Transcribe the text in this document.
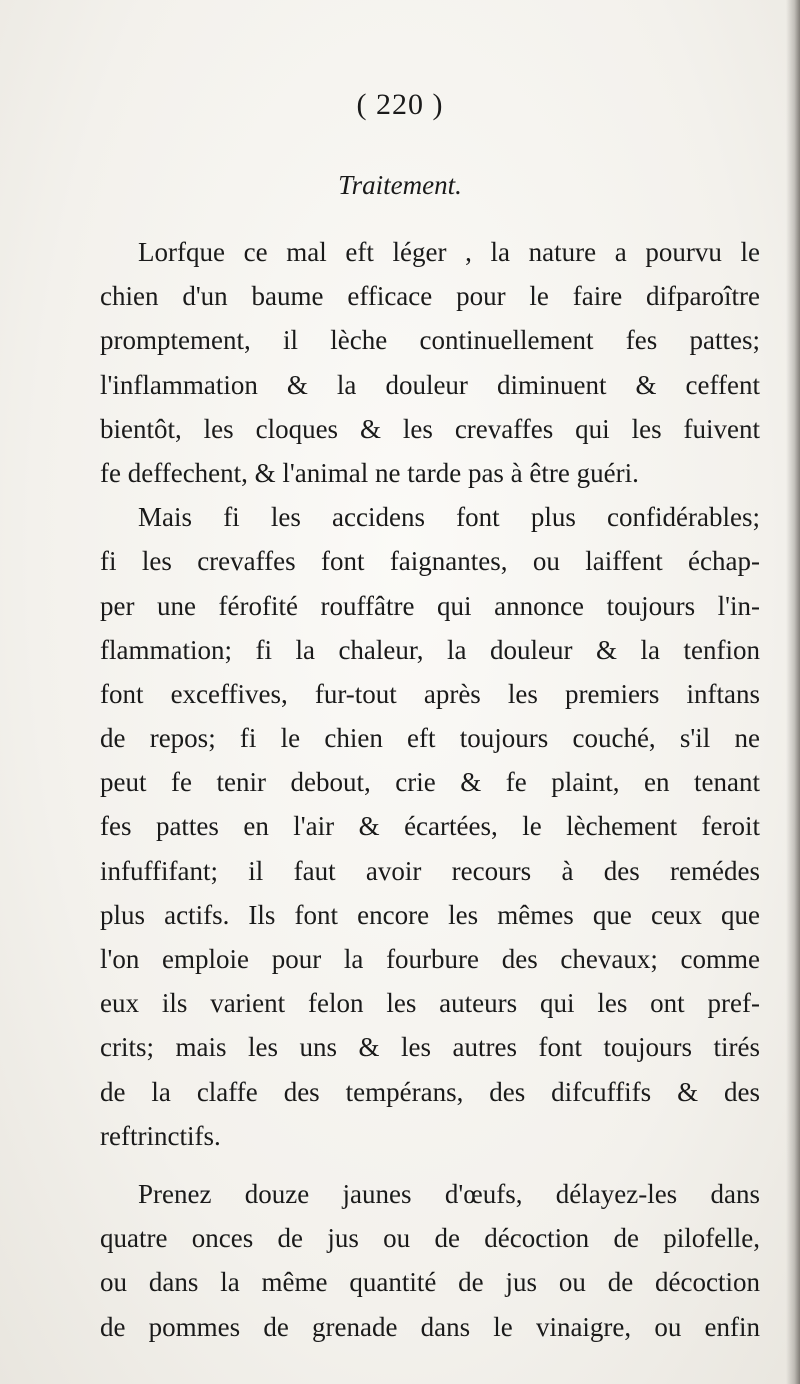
( 220 )
Traitement.
Lorfque ce mal eft léger , la nature a pourvu le
chien d'un baume efficace pour le faire difparoître
promptement, il lèche continuellement fes pattes;
l'inflammation & la douleur diminuent & ceffent
bientôt, les cloques & les crevaffes qui les fuivent
fe deffechent, & l'animal ne tarde pas à être guéri.
Mais fi les accidens font plus confidérables;
fi les crevaffes font faignantes, ou laiffent échap-
per une férofité rouffâtre qui annonce toujours l'in-
flammation; fi la chaleur, la douleur & la tenfion
font exceffives, fur-tout après les premiers inftans
de repos; fi le chien eft toujours couché, s'il ne
peut fe tenir debout, crie & fe plaint, en tenant
fes pattes en l'air & écartées, le lèchement feroit
infuffifant; il faut avoir recours à des remédes
plus actifs. Ils font encore les mêmes que ceux que
l'on emploie pour la fourbure des chevaux; comme
eux ils varient felon les auteurs qui les ont pref-
crits; mais les uns & les autres font toujours tirés
de la claffe des tempérans, des difcuffifs & des
reftrinctifs.
Prenez douze jaunes d'œufs, délayez-les dans
quatre onces de jus ou de décoction de pilofelle,
ou dans la même quantité de jus ou de décoction
de pommes de grenade dans le vinaigre, ou enfin
